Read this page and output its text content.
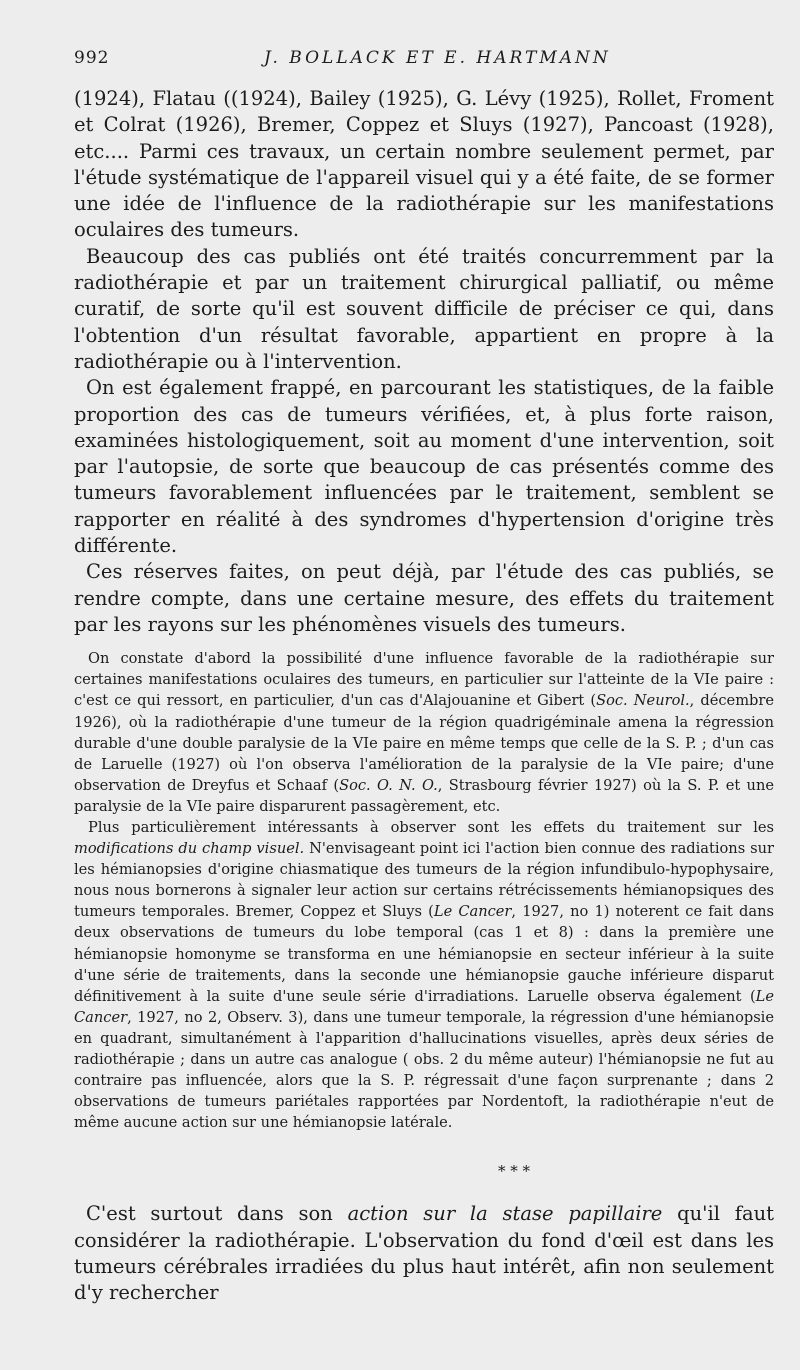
992	J. BOLLACK ET E. HARTMANN

(1924), Flatau ((1924), Bailey (1925), G. Lévy (1925), Rollet, Froment et Colrat (1926), Bremer, Coppez et Sluys (1927), Pancoast (1928), etc.... Parmi ces travaux, un certain nombre seulement permet, par l'étude systématique de l'appareil visuel qui y a été faite, de se former une idée de l'influence de la radiothérapie sur les manifestations oculaires des tumeurs.

Beaucoup des cas publiés ont été traités concurremment par la radiothérapie et par un traitement chirurgical palliatif, ou même curatif, de sorte qu'il est souvent difficile de préciser ce qui, dans l'obtention d'un résultat favorable, appartient en propre à la radiothérapie ou à l'intervention.

On est également frappé, en parcourant les statistiques, de la faible proportion des cas de tumeurs vérifiées, et, à plus forte raison, examinées histologiquement, soit au moment d'une intervention, soit par l'autopsie, de sorte que beaucoup de cas présentés comme des tumeurs favorablement influencées par le traitement, semblent se rapporter en réalité à des syndromes d'hypertension d'origine très différente.

Ces réserves faites, on peut déjà, par l'étude des cas publiés, se rendre compte, dans une certaine mesure, des effets du traitement par les rayons sur les phénomènes visuels des tumeurs.

On constate d'abord la possibilité d'une influence favorable de la radiothérapie sur certaines manifestations oculaires des tumeurs, en particulier sur l'atteinte de la VIe paire : c'est ce qui ressort, en particulier, d'un cas d'Alajouanine et Gibert (Soc. Neurol., décembre 1926), où la radiothérapie d'une tumeur de la région quadrigéminale amena la régression durable d'une double paralysie de la VIe paire en même temps que celle de la S. P. ; d'un cas de Laruelle (1927) où l'on observa l'amélioration de la paralysie de la VIe paire; d'une observation de Dreyfus et Schaaf (Soc. O. N. O., Strasbourg février 1927) où la S. P. et une paralysie de la VIe paire disparurent passagèrement, etc.

Plus particulièrement intéressants à observer sont les effets du traitement sur les modifications du champ visuel. N'envisageant point ici l'action bien connue des radiations sur les hémianopsies d'origine chiasmatique des tumeurs de la région infundibulo-hypophysaire, nous nous bornerons à signaler leur action sur certains rétrécissements hémianopsiques des tumeurs temporales. Bremer, Coppez et Sluys (Le Cancer, 1927, no 1) noterent ce fait dans deux observations de tumeurs du lobe temporal (cas 1 et 8) : dans la première une hémianopsie homonyme se transforma en une hémianopsie en secteur inférieur à la suite d'une série de traitements, dans la seconde une hémianopsie gauche inférieure disparut définitivement à la suite d'une seule série d'irradiations. Laruelle observa également (Le Cancer, 1927, no 2, Observ. 3), dans une tumeur temporale, la régression d'une hémianopsie en quadrant, simultanément à l'apparition d'hallucinations visuelles, après deux séries de radiothérapie ; dans un autre cas analogue ( obs. 2 du même auteur) l'hémianopsie ne fut au contraire pas influencée, alors que la S. P. régressait d'une façon surprenante ; dans 2 observations de tumeurs pariétales rapportées par Nordentoft, la radiothérapie n'eut de même aucune action sur une hémianopsie latérale.

* * *

C'est surtout dans son action sur la stase papillaire qu'il faut considérer la radiothérapie. L'observation du fond d'œil est dans les tumeurs cérébrales irradiées du plus haut intérêt, afin non seulement d'y rechercher
